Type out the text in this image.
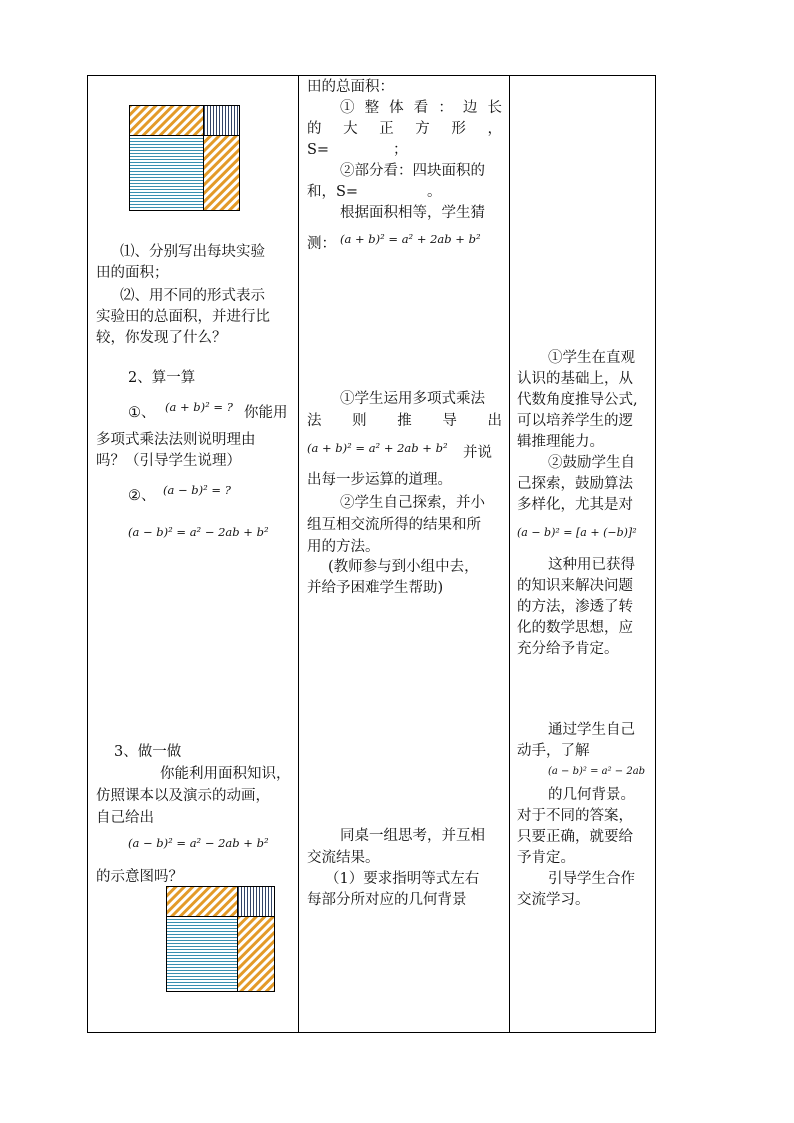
⑴、分别写出每块实验
田的面积；
⑵、用不同的形式表示
实验田的总面积，并进行比
较，你发现了什么？
2、算一算
①、 (a + b)² = ? 你能用
多项式乘法法则说明理由
吗？（引导学生说理）
②、 (a − b)² = ?
(a − b)² = a² − 2ab + b²
3、做一做
你能利用面积知识，
仿照课本以及演示的动画，
自己给出
(a − b)² = a² − 2ab + b²
的示意图吗？
田的总面积：
①整体看：边长
的大正方形，
S=	；
②部分看：四块面积的
和，S=	。
根据面积相等，学生猜
测： (a + b)² = a² + 2ab + b²
①学生运用多项式乘法
法则推导出
(a + b)² = a² + 2ab + b² 并说
出每一步运算的道理。
②学生自己探索，并小
组互相交流所得的结果和所
用的方法。
(教师参与到小组中去，
并给予困难学生帮助)
同桌一组思考，并互相
交流结果。
（1）要求指明等式左右
每部分所对应的几何背景
①学生在直观
认识的基础上，从
代数角度推导公式,
可以培养学生的逻
辑推理能力。
②鼓励学生自
己探索，鼓励算法
多样化，尤其是对
(a − b)² = [a + (−b)]²
这种用已获得
的知识来解决问题
的方法，渗透了转
化的数学思想，应
充分给予肯定。
通过学生自己
动手，了解
(a − b)² = a² − 2ab
的几何背景。
对于不同的答案，
只要正确，就要给
予肯定。
引导学生合作
交流学习。
